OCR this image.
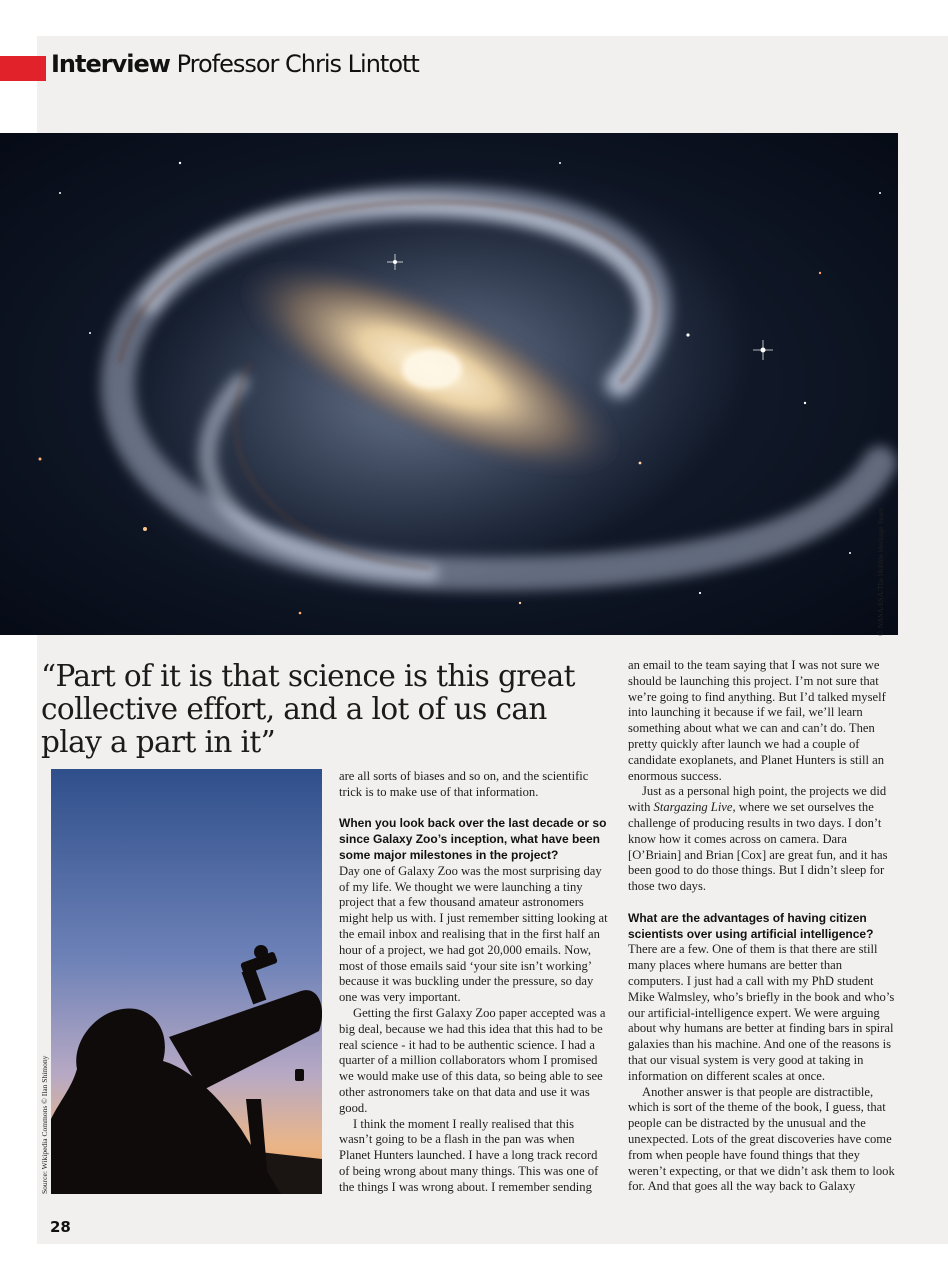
Interview Professor Chris Lintott
© NASA/ESA/The Hubble Heritage Team
“Part of it is that science is this great collective effort, and a lot of us can play a part in it”
Source: Wikipedia Commons © Ilan Shimony

are all sorts of biases and so on, and the scientific trick is to make use of that information.

When you look back over the last decade or so since Galaxy Zoo’s inception, what have been some major milestones in the project?

Day one of Galaxy Zoo was the most surprising day of my life. We thought we were launching a tiny project that a few thousand amateur astronomers might help us with. I just remember sitting looking at the email inbox and realising that in the first half an hour of a project, we had got 20,000 emails. Now, most of those emails said ‘your site isn’t working’ because it was buckling under the pressure, so day one was very important.

Getting the first Galaxy Zoo paper accepted was a big deal, because we had this idea that this had to be real science - it had to be authentic science. I had a quarter of a million collaborators whom I promised we would make use of this data, so being able to see other astronomers take on that data and use it was good.

I think the moment I really realised that this wasn’t going to be a flash in the pan was when Planet Hunters launched. I have a long track record of being wrong about many things. This was one of the things I was wrong about. I remember sending

an email to the team saying that I was not sure we should be launching this project. I’m not sure that we’re going to find anything. But I’d talked myself into launching it because if we fail, we’ll learn something about what we can and can’t do. Then pretty quickly after launch we had a couple of candidate exoplanets, and Planet Hunters is still an enormous success.

Just as a personal high point, the projects we did with Stargazing Live, where we set ourselves the challenge of producing results in two days. I don’t know how it comes across on camera. Dara [O’Briain] and Brian [Cox] are great fun, and it has been good to do those things. But I didn’t sleep for those two days.

What are the advantages of having citizen scientists over using artificial intelligence?

There are a few. One of them is that there are still many places where humans are better than computers. I just had a call with my PhD student Mike Walmsley, who’s briefly in the book and who’s our artificial-intelligence expert. We were arguing about why humans are better at finding bars in spiral galaxies than his machine. And one of the reasons is that our visual system is very good at taking in information on different scales at once.

Another answer is that people are distractible, which is sort of the theme of the book, I guess, that people can be distracted by the unusual and the unexpected. Lots of the great discoveries have come from when people have found things that they weren’t expecting, or that we didn’t ask them to look for. And that goes all the way back to Galaxy

28
